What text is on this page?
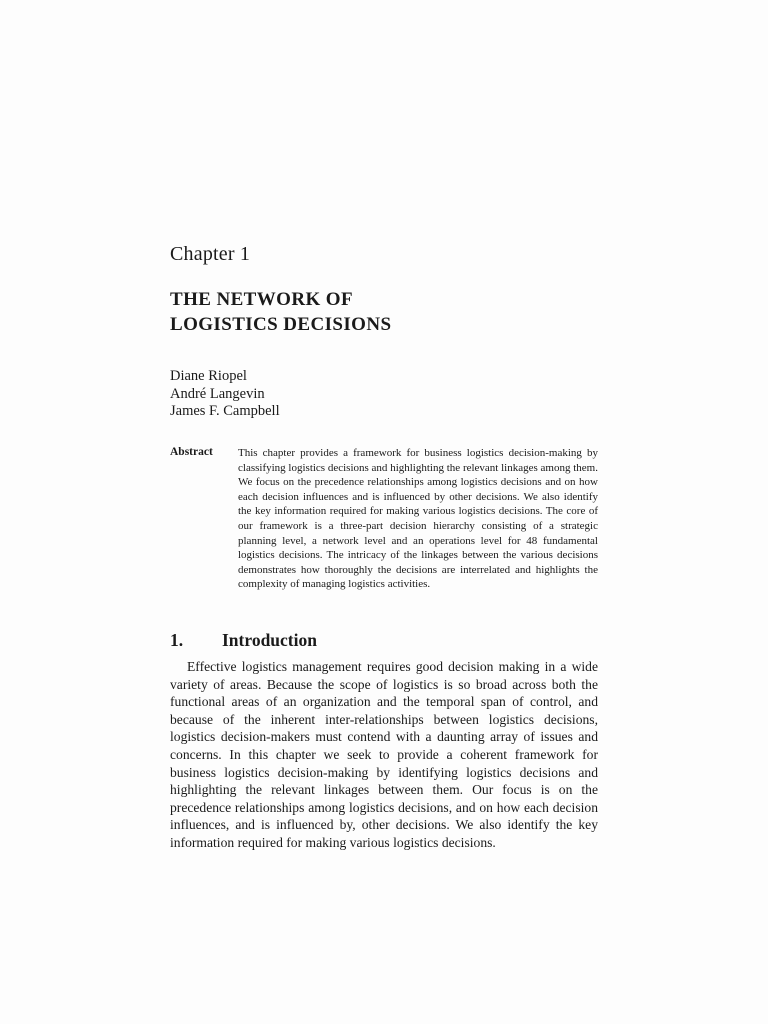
Chapter 1
THE NETWORK OF
LOGISTICS DECISIONS
Diane Riopel
André Langevin
James F. Campbell
Abstract This chapter provides a framework for business logistics decision-making by classifying logistics decisions and highlighting the relevant linkages among them. We focus on the precedence relationships among logistics decisions and on how each decision influences and is influenced by other decisions. We also identify the key information required for making various logistics decisions. The core of our framework is a three-part decision hierarchy consisting of a strategic planning level, a network level and an operations level for 48 fundamental logistics decisions. The intricacy of the linkages between the various decisions demonstrates how thoroughly the decisions are interrelated and highlights the complexity of managing logistics activities.
1. Introduction
Effective logistics management requires good decision making in a wide variety of areas. Because the scope of logistics is so broad across both the functional areas of an organization and the temporal span of control, and because of the inherent inter-relationships between logistics decisions, logistics decision-makers must contend with a daunting array of issues and concerns. In this chapter we seek to provide a coherent framework for business logistics decision-making by identifying logistics decisions and highlighting the relevant linkages between them. Our focus is on the precedence relationships among logistics decisions, and on how each decision influences, and is influenced by, other decisions. We also identify the key information required for making various logistics decisions.
